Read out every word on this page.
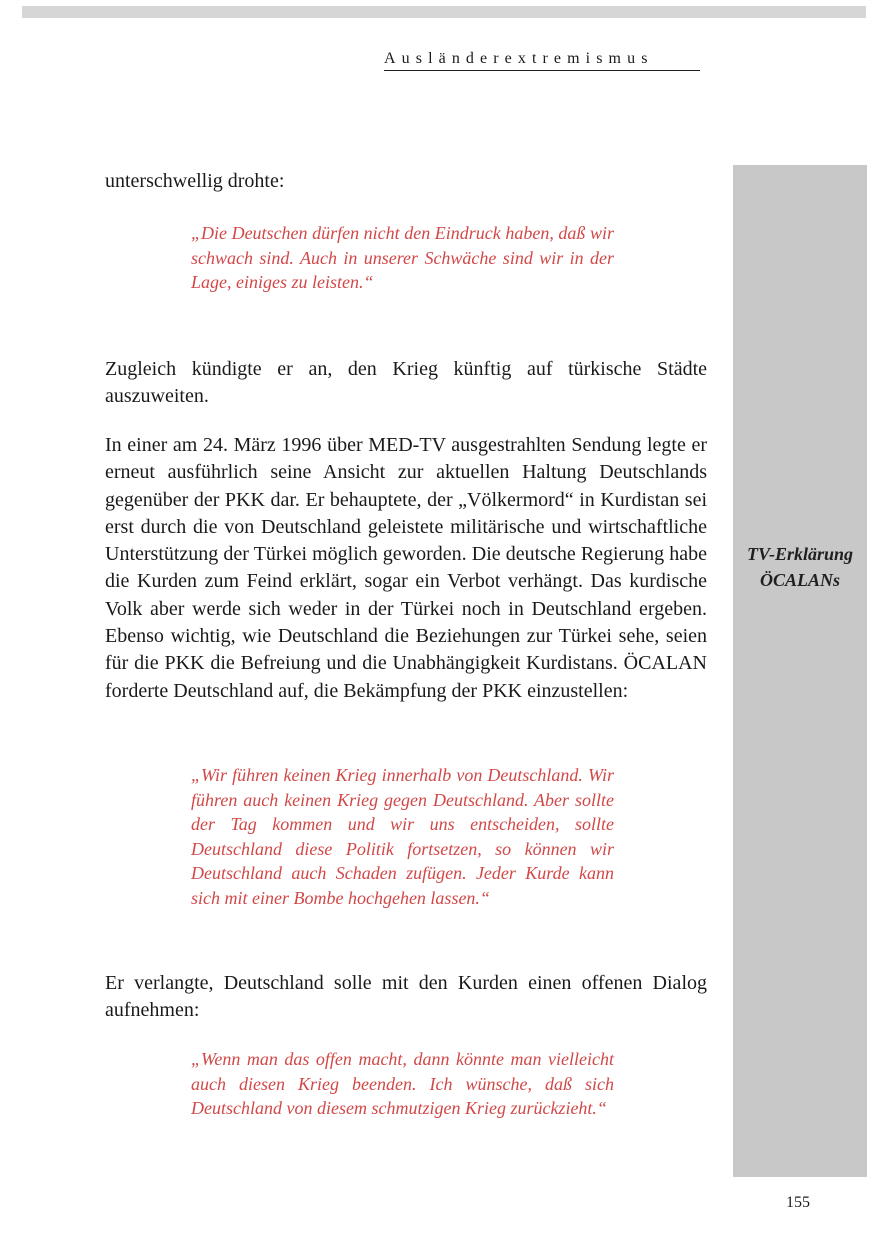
Ausländerextremismus
TV-Erklärung
ÖCALANs

unterschwellig drohte:

„Die Deutschen dürfen nicht den Eindruck haben, daß wir schwach sind. Auch in unserer Schwäche sind wir in der Lage, einiges zu leisten.“

Zugleich kündigte er an, den Krieg künftig auf türkische Städte auszuweiten.

In einer am 24. März 1996 über MED-TV ausgestrahlten Sendung legte er erneut ausführlich seine Ansicht zur aktuellen Haltung Deutschlands gegenüber der PKK dar. Er behauptete, der „Völkermord“ in Kurdistan sei erst durch die von Deutschland geleistete militärische und wirtschaftliche Unterstützung der Türkei möglich geworden. Die deutsche Regierung habe die Kurden zum Feind erklärt, sogar ein Verbot verhängt. Das kurdische Volk aber werde sich weder in der Türkei noch in Deutschland ergeben. Ebenso wichtig, wie Deutschland die Beziehungen zur Türkei sehe, seien für die PKK die Befreiung und die Unabhängigkeit Kurdistans. ÖCALAN forderte Deutschland auf, die Bekämpfung der PKK einzustellen:

„Wir führen keinen Krieg innerhalb von Deutschland. Wir führen auch keinen Krieg gegen Deutschland. Aber sollte der Tag kommen und wir uns entscheiden, sollte Deutschland diese Politik fortsetzen, so können wir Deutschland auch Schaden zufügen. Jeder Kurde kann sich mit einer Bombe hochgehen lassen.“

Er verlangte, Deutschland solle mit den Kurden einen offenen Dialog aufnehmen:

„Wenn man das offen macht, dann könnte man vielleicht auch diesen Krieg beenden. Ich wünsche, daß sich Deutschland von diesem schmutzigen Krieg zurückzieht.“

155
